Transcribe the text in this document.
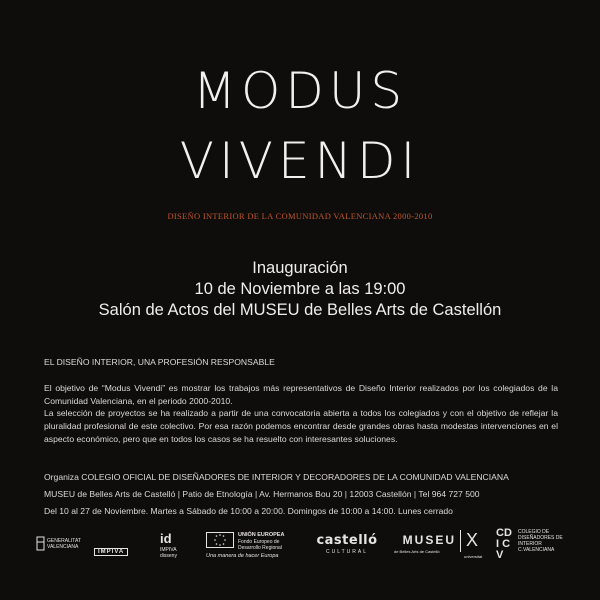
MODUS
VIVENDI
DISEÑO INTERIOR DE LA COMUNIDAD VALENCIANA 2000-2010
Inauguración
10 de Noviembre a las 19:00
Salón de Actos del MUSEU de Belles Arts de Castellón
EL DISEÑO INTERIOR, UNA PROFESIÓN RESPONSABLE
El objetivo de “Modus Vivendi” es mostrar los trabajos más representativos de Diseño Interior realizados por los colegiados de la Comunidad Valenciana, en el periodo 2000-2010.
La selección de proyectos se ha realizado a partir de una convocatoria abierta a todos los colegiados y con el objetivo de reflejar la pluralidad profesional de este colectivo. Por esa razón podemos encontrar desde grandes obras hasta modestas intervenciones en el aspecto económico, pero que en todos los casos se ha resuelto con interesantes soluciones.
Organiza COLEGIO OFICIAL DE DISEÑADORES DE INTERIOR Y DECORADORES DE LA COMUNIDAD VALENCIANA
MUSEU de Belles Arts de Castelló | Patio de Etnología | Av. Hermanos Bou 20 | 12003 Castellón | Tel 964 727 500
Del 10 al 27 de Noviembre. Martes a Sábado de 10:00 a 20:00. Domingos de 10:00 a 14:00. Lunes cerrado
GENERALITAT VALENCIANA
IMPIVA
id
IMPIVA disseny
UNIÓN EUROPEA
Fondo Europeo de Desarrollo Regional
Una manera de hacer Europa
castelló
CULTURAL
MUSEU
de Belles Arts de Castelló
X
universitat
CDI CV
COLEGIO DE DISEÑADORES DE INTERIOR C.VALENCIANA
